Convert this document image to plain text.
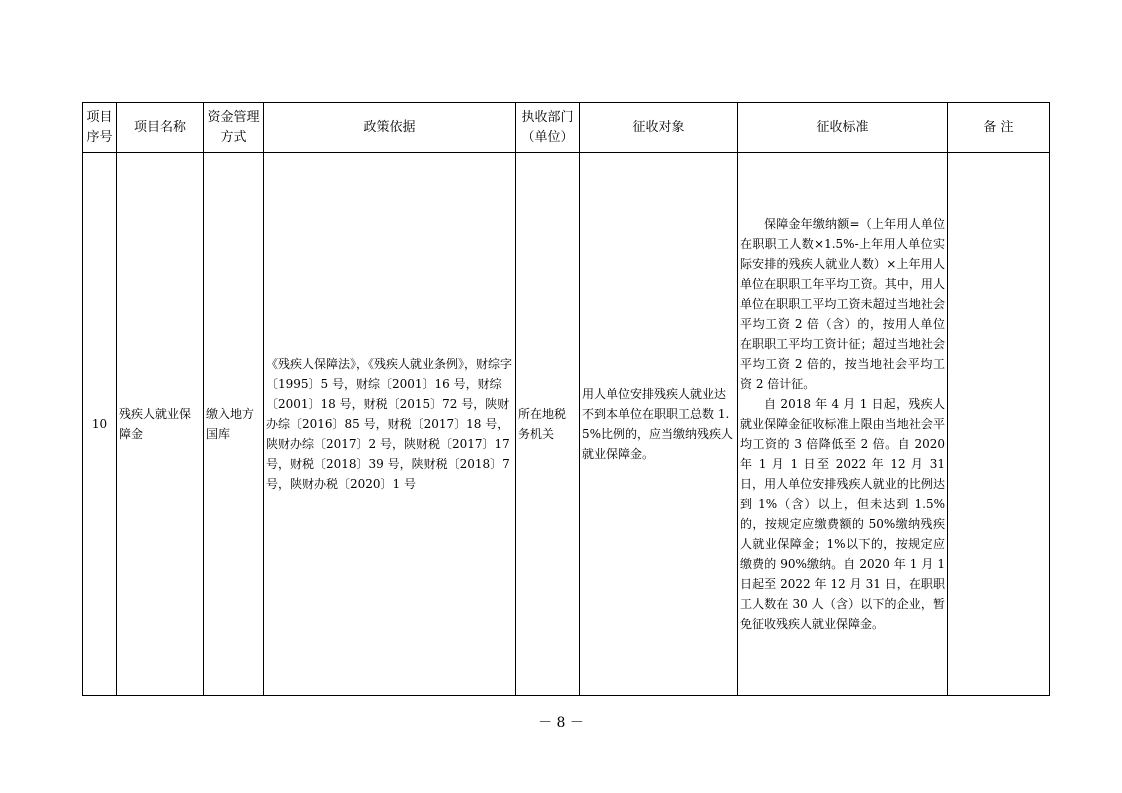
项目序号	项目名称	资金管理方式	政策依据	执收部门（单位）	征收对象	征收标准	备 注
10	残疾人就业保障金	缴入地方国库	《残疾人保障法》，《残疾人就业条例》，财综字〔1995〕5 号，财综〔2001〕16 号，财综〔2001〕18 号，财税〔2015〕72 号，陕财办综〔2016〕85 号，财税〔2017〕18 号，陕财办综〔2017〕2 号，陕财税〔2017〕17 号，财税〔2018〕39 号，陕财税〔2018〕7 号，陕财办税〔2020〕1 号	所在地税务机关	用人单位安排残疾人就业达不到本单位在职职工总数 1.5%比例的，应当缴纳残疾人就业保障金。	保障金年缴纳额=（上年用人单位在职职工人数×1.5%-上年用人单位实际安排的残疾人就业人数）×上年用人单位在职职工年平均工资。其中，用人单位在职职工平均工资未超过当地社会平均工资 2 倍（含）的，按用人单位在职职工平均工资计征；超过当地社会平均工资 2 倍的，按当地社会平均工资 2 倍计征。

自 2018 年 4 月 1 日起，残疾人就业保障金征收标准上限由当地社会平均工资的 3 倍降低至 2 倍。自 2020 年 1 月 1 日至 2022 年 12 月 31 日，用人单位安排残疾人就业的比例达到 1%（含）以上，但未达到 1.5%的，按规定应缴费额的 50%缴纳残疾人就业保障金；1%以下的，按规定应缴费的 90%缴纳。自 2020 年 1 月 1 日起至 2022 年 12 月 31 日，在职职工人数在 30 人（含）以下的企业，暂免征收残疾人就业保障金。	

－ 8 －
